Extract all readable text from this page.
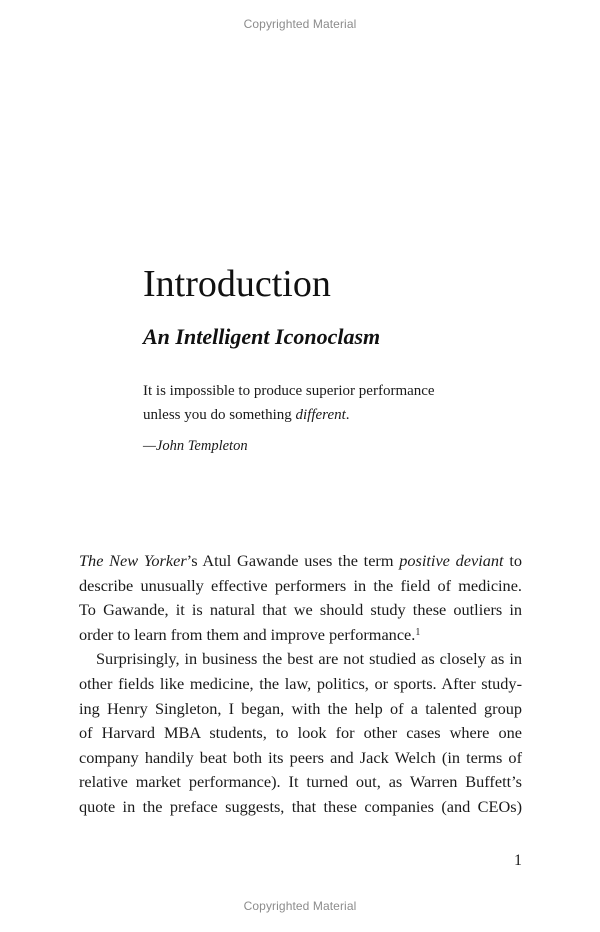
Copyrighted Material
Introduction
An Intelligent Iconoclasm
It is impossible to produce superior performance
unless you do something different.
—John Templeton
The New Yorker’s Atul Gawande uses the term positive deviant to
describe unusually effective performers in the field of medicine.
To Gawande, it is natural that we should study these outliers in
order to learn from them and improve performance.$^1$
Surprisingly, in business the best are not studied as closely as in
other fields like medicine, the law, politics, or sports. After study-
ing Henry Singleton, I began, with the help of a talented group
of Harvard MBA students, to look for other cases where one
company handily beat both its peers and Jack Welch (in terms of
relative market performance). It turned out, as Warren Buffett’s
quote in the preface suggests, that these companies (and CEOs)
1
Copyrighted Material
